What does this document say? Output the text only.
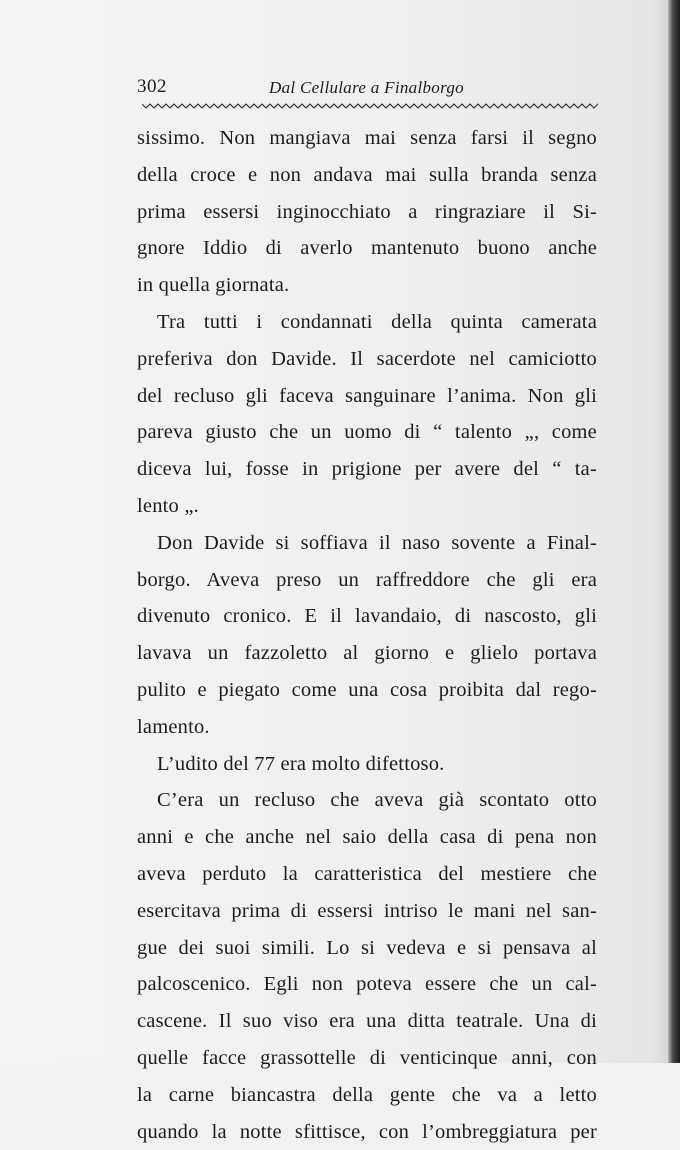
302	Dal Cellulare a Finalborgo
sissimo. Non mangiava mai senza farsi il segno
della croce e non andava mai sulla branda senza
prima essersi inginocchiato a ringraziare il Si-
gnore Iddio di averlo mantenuto buono anche
in quella giornata.
Tra tutti i condannati della quinta camerata
preferiva don Davide. Il sacerdote nel camiciotto
del recluso gli faceva sanguinare l’anima. Non gli
pareva giusto che un uomo di “ talento „, come
diceva lui, fosse in prigione per avere del “ ta-
lento „.
Don Davide si soffiava il naso sovente a Final-
borgo. Aveva preso un raffreddore che gli era
divenuto cronico. E il lavandaio, di nascosto, gli
lavava un fazzoletto al giorno e glielo portava
pulito e piegato come una cosa proibita dal rego-
lamento.
L’udito del 77 era molto difettoso.
C’era un recluso che aveva già scontato otto
anni e che anche nel saio della casa di pena non
aveva perduto la caratteristica del mestiere che
esercitava prima di essersi intriso le mani nel san-
gue dei suoi simili. Lo si vedeva e si pensava al
palcoscenico. Egli non poteva essere che un cal-
cascene. Il suo viso era una ditta teatrale. Una di
quelle facce grassottelle di venticinque anni, con
la carne biancastra della gente che va a letto
quando la notte sfittisce, con l’ombreggiatura per
